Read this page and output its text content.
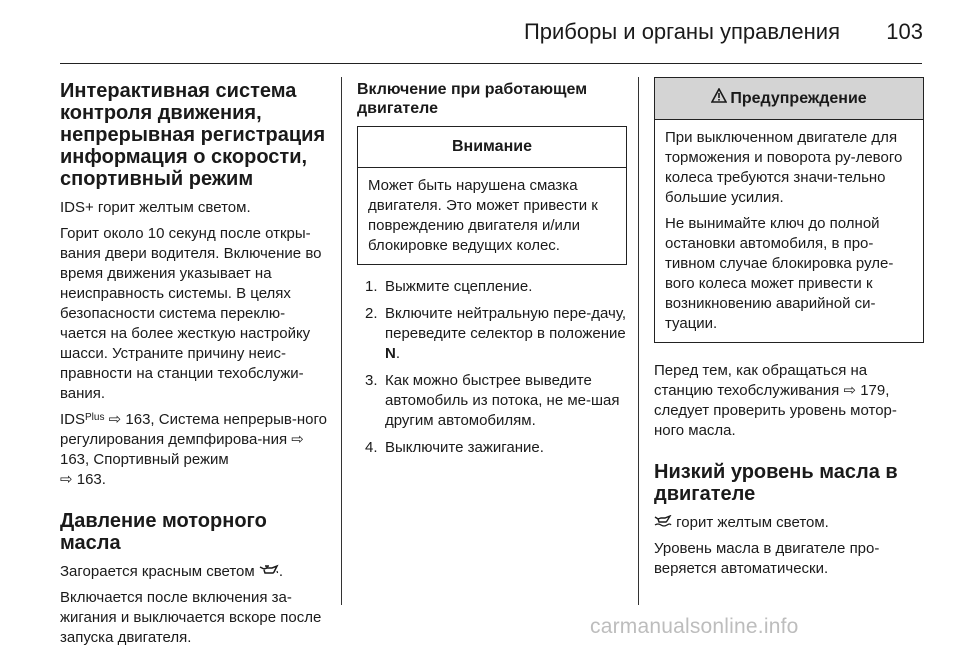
Приборы и органы управления	103
Интерактивная система контроля движения, непрерывная регистрация информация о скорости, спортивный режим

IDS+ горит желтым светом.

Горит около 10 секунд после откры-вания двери водителя. Включение во время движения указывает на неисправность системы. В целях безопасности система переклю-чается на более жесткую настройку шасси. Устраните причину неис-правности на станции техобслужи-вания.

$IDS^{Plus}$ ⇨ 163, Система непрерыв-ного регулирования демпфирова-ния ⇨ 163, Спортивный режим
⇨ 163.

Давление моторного масла

Загорается красным светом .

Включается после включения за-жигания и выключается вскоре после запуска двигателя.

Включение при работающем двигателе
Внимание

Может быть нарушена смазка двигателя. Это может привести к повреждению двигателя и/или блокировке ведущих колес.

1. Выжмите сцепление.
2. Включите нейтральную пере-дачу, переведите селектор в положение N.
3. Как можно быстрее выведите автомобиль из потока, не ме-шая другим автомобилям.
4. Выключите зажигание.
Предупреждение

При выключенном двигателе для торможения и поворота ру-левого колеса требуются значи-тельно большие усилия.

Не вынимайте ключ до полной остановки автомобиля, в про-тивном случае блокировка руле-вого колеса может привести к возникновению аварийной си-туации.

Перед тем, как обращаться на станцию техобслуживания ⇨ 179, следует проверить уровень мотор-ного масла.

Низкий уровень масла в двигателе

горит желтым светом.

Уровень масла в двигателе про-веряется автоматически.

carmanualsonline.info
